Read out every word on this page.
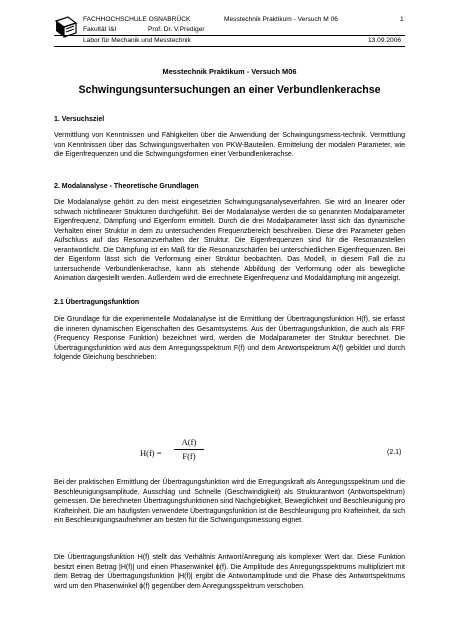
FACHHOCHSCHULE OSNABRÜCK	Messtechnik Praktikum - Versuch M 06	1
Fakultät I&I	Prof. Dr. V.Prediger
Labor für Mechanik und Messtechnik	13.09.2006
Messtechnik Praktikum - Versuch M06
Schwingungsuntersuchungen an einer Verbundlenkerachse
1. Versuchsziel

Vermittlung von Kenntnissen und Fähigkeiten über die Anwendung der Schwingungsmess-technik. Vermittlung von Kenntnissen über das Schwingungsverhalten von PKW-Bauteilen. Ermittelung der modalen Parameter, wie die Eigenfrequenzen und die Schwingungsformen einer Verbundlenkerachse.

2. Modalanalyse - Theoretische Grundlagen

Die Modalanalyse gehört zu den meist eingesetzten Schwingungsanalyseverfahren. Sie wird an linearer oder schwach nichtlinearer Strukturen durchgeführt. Bei der Modalanalyse werden die so genannten Modalparameter Eigenfrequenz, Dämpfung und Eigenform ermittelt. Durch die drei Modalparameter lässt sich das dynamische Verhalten einer Struktur in dem zu untersuchenden Frequenzbereich beschreiben. Diese drei Parameter geben Aufschluss auf das Resonanzverhalten der Struktur. Die Eigenfrequenzen sind für die Resonanzstellen verantwortlicht. Die Dämpfung ist ein Maß für die Resonanzschärfen bei unterschiedlichen Eigenfrequenzen. Bei der Eigenform lässt sich die Verformung einer Struktur beobachten. Das Modell, in diesem Fall die zu untersuchende Verbundlenkerachse, kann als stehende Abbildung der Verformung oder als bewegliche Animation dargestellt werden. Außerdem wird die errechnete Eigenfrequenz und Modaldämpfung mit angezeigt.

2.1 Übertragungsfunktion

Die Grundlage für die experimentelle Modalanalyse ist die Ermittlung der Übertragungsfunktion H(f), sie erfasst die inneren dynamischen Eigenschaften des Gesamtsystems. Aus der Übertragungsfunktion, die auch als FRF (Frequency Response Funktion) bezeichnet wird, werden die Modalparameter der Struktur berechnet. Die Übertragungsfunktion wird aus dem Anregungsspektrum F(f) und dem Antwortspektrum A(f) gebildet und durch folgende Gleichung beschrieben:

H(f) =
A(f)
F(f)	(2.1)

Bei der praktischen Ermittlung der Übertragungsfunktion wird die Erregungskraft als Anregungsspektrum und die Beschleunigungsamplitude, Ausschlag und Schnelle (Geschwindigkeit) als Strukturantwort (Antwortspektrum) gemessen. Die berechneten Übertragungsfunktionen sind Nachgiebigkeit, Beweglichkeit und Beschleunigung pro Krafteinheit. Die am häufigsten verwendete Übertragungsfunktion ist die Beschleunigung pro Krafteinheit, da sich ein Beschleunigungsaufnehmer am besten für die Schwingungsmessung eignet.

Die Übertragungsfunktion H(f) stellt das Verhältnis Antwort/Anregung als komplexer Wert dar. Diese Funktion besitzt einen Betrag |H(f)| und einen Phasenwinkel ϕ(f). Die Amplitude des Anregungsspektrums multipliziert mit dem Betrag der Übertragungsfunktion |H(f)| ergibt die Antwortamplitude und die Phase des Antwortspektrums wird um den Phasenwinkel ϕ(f) gegenüber dem Anregungsspektrum verschoben.
